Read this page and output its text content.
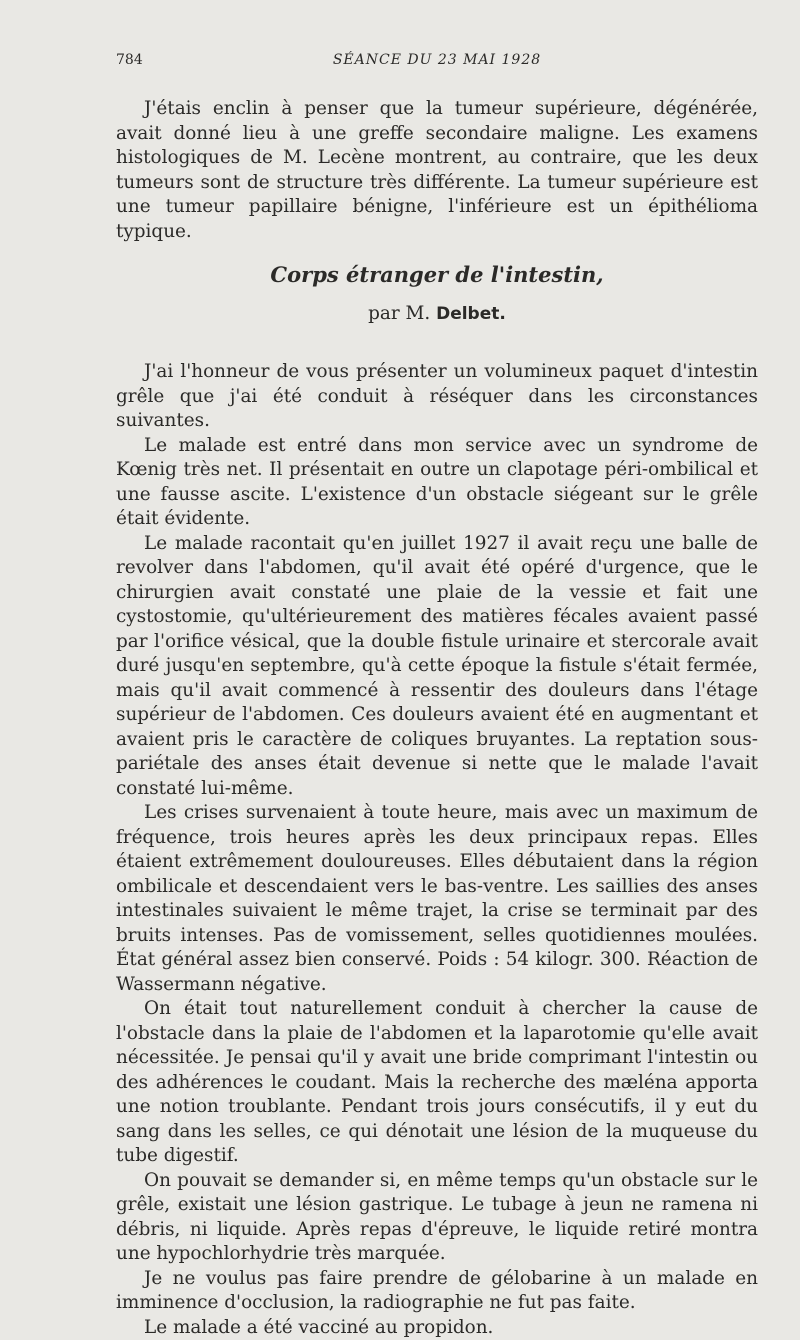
784	SÉANCE DU 23 MAI 1928

J'étais enclin à penser que la tumeur supérieure, dégénérée, avait donné lieu à une greffe secondaire maligne. Les examens histologiques de M. Lecène montrent, au contraire, que les deux tumeurs sont de structure très différente. La tumeur supérieure est une tumeur papillaire bénigne, l'inférieure est un épithélioma typique.

Corps étranger de l'intestin,
par M. Delbet.

J'ai l'honneur de vous présenter un volumineux paquet d'intestin grêle que j'ai été conduit à réséquer dans les circonstances suivantes.

Le malade est entré dans mon service avec un syndrome de Kœnig très net. Il présentait en outre un clapotage péri-ombilical et une fausse ascite. L'existence d'un obstacle siégeant sur le grêle était évidente.

Le malade racontait qu'en juillet 1927 il avait reçu une balle de revolver dans l'abdomen, qu'il avait été opéré d'urgence, que le chirurgien avait constaté une plaie de la vessie et fait une cystostomie, qu'ultérieurement des matières fécales avaient passé par l'orifice vésical, que la double fistule urinaire et stercorale avait duré jusqu'en septembre, qu'à cette époque la fistule s'était fermée, mais qu'il avait commencé à ressentir des douleurs dans l'étage supérieur de l'abdomen. Ces douleurs avaient été en augmentant et avaient pris le caractère de coliques bruyantes. La reptation sous-pariétale des anses était devenue si nette que le malade l'avait constaté lui-même.

Les crises survenaient à toute heure, mais avec un maximum de fréquence, trois heures après les deux principaux repas. Elles étaient extrêmement douloureuses. Elles débutaient dans la région ombilicale et descendaient vers le bas-ventre. Les saillies des anses intestinales suivaient le même trajet, la crise se terminait par des bruits intenses. Pas de vomissement, selles quotidiennes moulées. État général assez bien conservé. Poids : 54 kilogr. 300. Réaction de Wassermann négative.

On était tout naturellement conduit à chercher la cause de l'obstacle dans la plaie de l'abdomen et la laparotomie qu'elle avait nécessitée. Je pensai qu'il y avait une bride comprimant l'intestin ou des adhérences le coudant. Mais la recherche des mæléna apporta une notion troublante. Pendant trois jours consécutifs, il y eut du sang dans les selles, ce qui dénotait une lésion de la muqueuse du tube digestif.

On pouvait se demander si, en même temps qu'un obstacle sur le grêle, existait une lésion gastrique. Le tubage à jeun ne ramena ni débris, ni liquide. Après repas d'épreuve, le liquide retiré montra une hypochlorhydrie très marquée.

Je ne voulus pas faire prendre de gélobarine à un malade en imminence d'occlusion, la radiographie ne fut pas faite.

Le malade a été vacciné au propidon.
